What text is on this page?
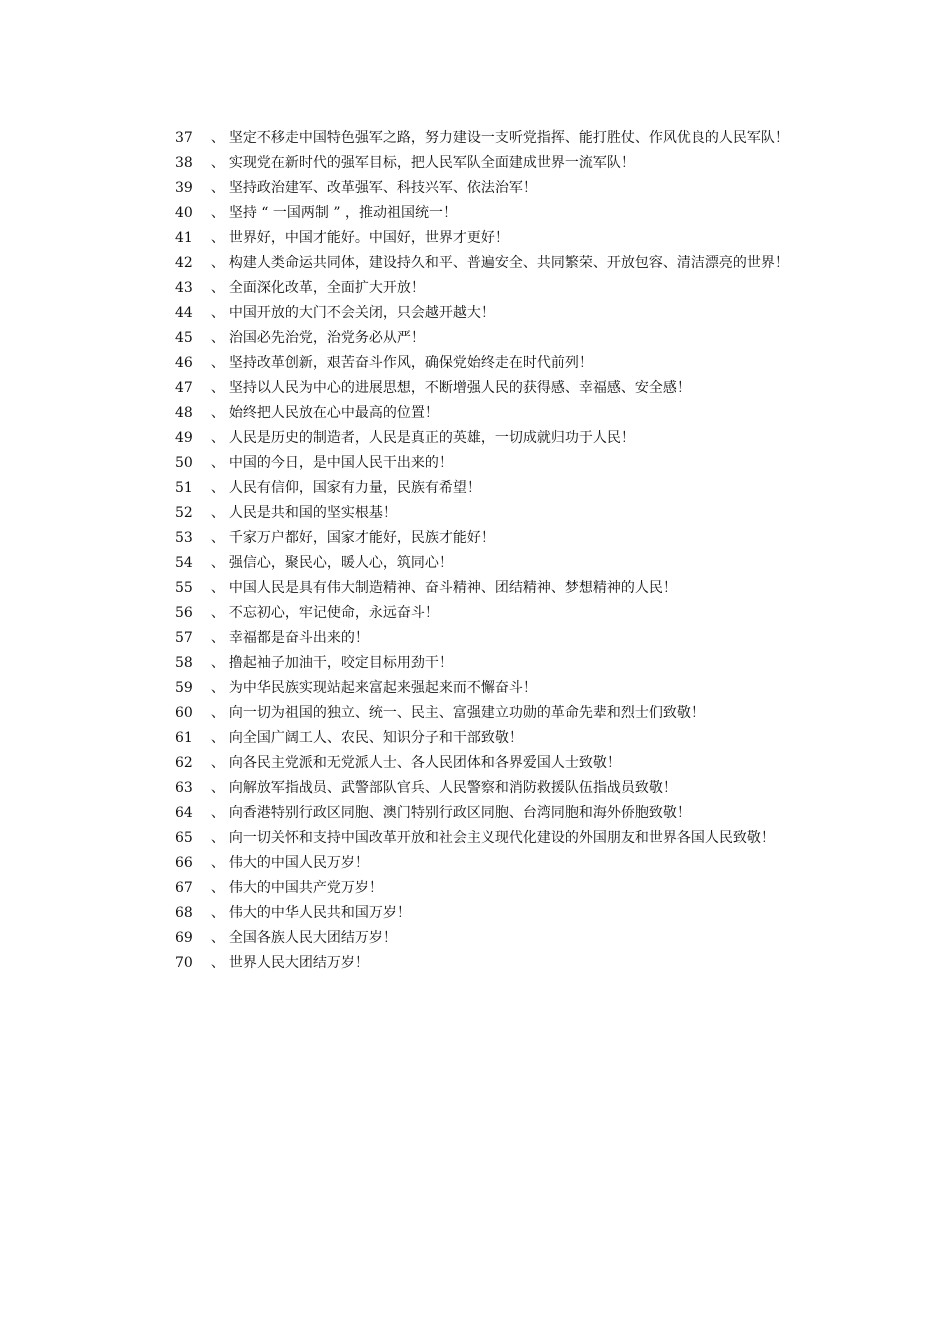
37 、 坚定不移走中国特色强军之路，努力建设一支听党指挥、能打胜仗、作风优良的人民军队！
38 、 实现党在新时代的强军目标，把人民军队全面建成世界一流军队！
39 、 坚持政治建军、改革强军、科技兴军、依法治军！
40 、 坚持 “ 一国两制 ” ，推动祖国统一！
41 、 世界好，中国才能好。中国好，世界才更好！
42 、 构建人类命运共同体，建设持久和平、普遍安全、共同繁荣、开放包容、清洁漂亮的世界！
43 、 全面深化改革，全面扩大开放！
44 、 中国开放的大门不会关闭，只会越开越大！
45 、 治国必先治党，治党务必从严！
46 、 坚持改革创新，艰苦奋斗作风，确保党始终走在时代前列！
47 、 坚持以人民为中心的进展思想，不断增强人民的获得感、幸福感、安全感！
48 、 始终把人民放在心中最高的位置！
49 、 人民是历史的制造者，人民是真正的英雄，一切成就归功于人民！
50 、 中国的今日，是中国人民干出来的！
51 、 人民有信仰，国家有力量，民族有希望！
52 、 人民是共和国的坚实根基！
53 、 千家万户都好，国家才能好，民族才能好！
54 、 强信心，聚民心，暖人心，筑同心！
55 、 中国人民是具有伟大制造精神、奋斗精神、团结精神、梦想精神的人民！
56 、 不忘初心，牢记使命，永远奋斗！
57 、 幸福都是奋斗出来的！
58 、 撸起袖子加油干，咬定目标用劲干！
59 、 为中华民族实现站起来富起来强起来而不懈奋斗！
60 、 向一切为祖国的独立、统一、民主、富强建立功勋的革命先辈和烈士们致敬！
61 、 向全国广阔工人、农民、知识分子和干部致敬！
62 、 向各民主党派和无党派人士、各人民团体和各界爱国人士致敬！
63 、 向解放军指战员、武警部队官兵、人民警察和消防救援队伍指战员致敬！
64 、 向香港特别行政区同胞、澳门特别行政区同胞、台湾同胞和海外侨胞致敬！
65 、 向一切关怀和支持中国改革开放和社会主义现代化建设的外国朋友和世界各国人民致敬！
66 、 伟大的中国人民万岁！
67 、 伟大的中国共产党万岁！
68 、 伟大的中华人民共和国万岁！
69 、 全国各族人民大团结万岁！
70 、 世界人民大团结万岁！
